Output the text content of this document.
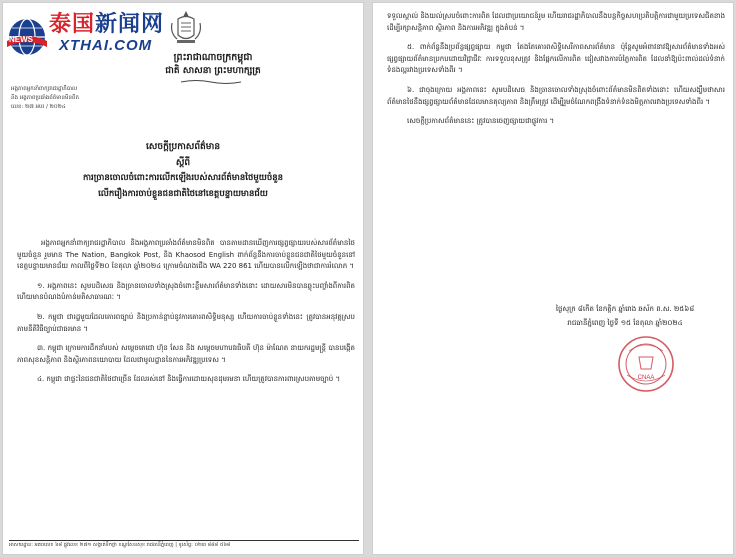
NEWS
泰国新闻网
XTHAI.COM
ព្រះរាជាណាចក្រកម្ពុជា
ជាតិ សាសនា ព្រះមហាក្សត្រ
អង្គភាពអ្នកនាំពាក្យរាជរដ្ឋាភិបាល
និង អង្គភាពប្រឆាំងព័ត៌មានមិនពិត
លេខ: ២៧ អបរ / ២០២៤
សេចក្ដីប្រកាសព័ត៌មាន
ស្ដីពី
ការច្រានចោលចំពោះការលើកឡើងរបស់សារព័ត៌មានថៃមួយចំនួន
លើករឿងការចាប់ខ្លួនជនជាតិថៃនៅខេត្តបន្ទាយមានជ័យ

អង្គភាពអ្នកនាំពាក្យរាជរដ្ឋាភិបាល និងអង្គភាពប្រឆាំងព័ត៌មានមិនពិត បានតាមដានឃើញការផ្សព្វផ្សាយរបស់សារព័ត៌មានថៃមួយចំនួន រួមមាន The Nation, Bangkok Post, និង Khaosod English ពាក់ព័ន្ធនឹងការចាប់ខ្លួនជនជាតិថៃមួយចំនួននៅខេត្តបន្ទាយមានជ័យ កាលពីថ្ងៃទី២០ ខែតុលា ឆ្នាំ២០២៤ ក្រោមចំណងជើង WA 220 861 ហើយបានលើកឡើងថាជាការរំលោភ ។

១. អង្គភាពនេះ សូមបដិសេធ និងច្រានចោលទាំងស្រុងចំពោះខ្លឹមសារព័ត៌មានទាំងនោះ ដោយសារមិនបានឆ្លុះបញ្ចាំងពីការពិត ហើយមានបំណងបំភាន់មតិសាធារណៈ ។

២. កម្ពុជា ជារដ្ឋមួយដែលគោរពច្បាប់ និងប្រកាន់ខ្ជាប់នូវការគោរពសិទ្ធិមនុស្ស ហើយការចាប់ខ្លួនទាំងនេះ ត្រូវបានអនុវត្តស្របតាមនីតិវិធីច្បាប់ជាធរមាន ។

៣. កម្ពុជា ក្រោមការដឹកនាំរបស់ សម្ដេចតេជោ ហ៊ុន សែន និង សម្ដេចមហាបវរធិបតី ហ៊ុន ម៉ាណែត នាយករដ្ឋមន្ត្រី បានបង្កើតភាពសុខសន្តិភាព និងស្ថិរភាពនយោបាយ ដែលជាមូលដ្ឋាននៃការអភិវឌ្ឍប្រទេស ។

៤. កម្ពុជា ជាផ្ទះនៃជនជាតិថៃជាច្រើន ដែលរស់នៅ និងធ្វើការដោយសុខដុមរមនា ហើយត្រូវបានការពារស្របតាមច្បាប់ ។

អាសយដ្ឋាន: អគារលេខ ៦៨ ផ្លូវលេខ ២៧១ សង្កាត់ទឹកថ្លា ខណ្ឌសែនសុខ រាជធានីភ្នំពេញ | ទូរស័ព្ទ: ០២៣ ៨៨៨ ៥៦៨

ទទួលស្គាល់ និងយល់ស្របចំពោះការពិត ដែលជាប្រយោជន៍រួម ហើយរាជរដ្ឋាភិបាលនឹងបន្តកិច្ចសហប្រតិបត្តិការជាមួយប្រទេសជិតខាង ដើម្បីរក្សាសន្តិភាព ស្ថិរភាព និងការអភិវឌ្ឍ ក្នុងតំបន់ ។

៥. ពាក់ព័ន្ធនឹងប្រព័ន្ធផ្សព្វផ្សាយ កម្ពុជា តែងតែគោរពសិទ្ធិសេរីភាពសារព័ត៌មាន ប៉ុន្តែសូមអំពាវនាវឱ្យសារព័ត៌មានទាំងអស់ផ្សព្វផ្សាយព័ត៌មានប្រកបដោយវិជ្ជាជីវៈ ការទទួលខុសត្រូវ និងផ្អែកលើការពិត ជៀសវាងការបំភ្លៃការពិត ដែលនាំឱ្យប៉ះពាល់ដល់ទំនាក់ទំនងល្អរវាងប្រទេសទាំងពីរ ។

៦. ជាចុងក្រោយ អង្គភាពនេះ សូមបដិសេធ និងច្រានចោលទាំងស្រុងចំពោះព័ត៌មានមិនពិតទាំងនោះ ហើយសង្ឃឹមថាសារព័ត៌មានថៃនឹងផ្សព្វផ្សាយព័ត៌មានដែលមានតុល្យភាព និងត្រឹមត្រូវ ដើម្បីរួមចំណែកពង្រឹងទំនាក់ទំនងមិត្តភាពរវាងប្រទេសទាំងពីរ ។

សេចក្ដីប្រកាសព័ត៌មាននេះ ត្រូវបានចេញផ្សាយជាផ្លូវការ ។

ថ្ងៃសុក្រ ៨កើត ខែកត្ដិក ឆ្នាំរោង ឆស័ក ព.ស. ២៥៦៨
រាជធានីភ្នំពេញ ថ្ងៃទី ១៥ ខែតុលា ឆ្នាំ២០២៤
CNAA
